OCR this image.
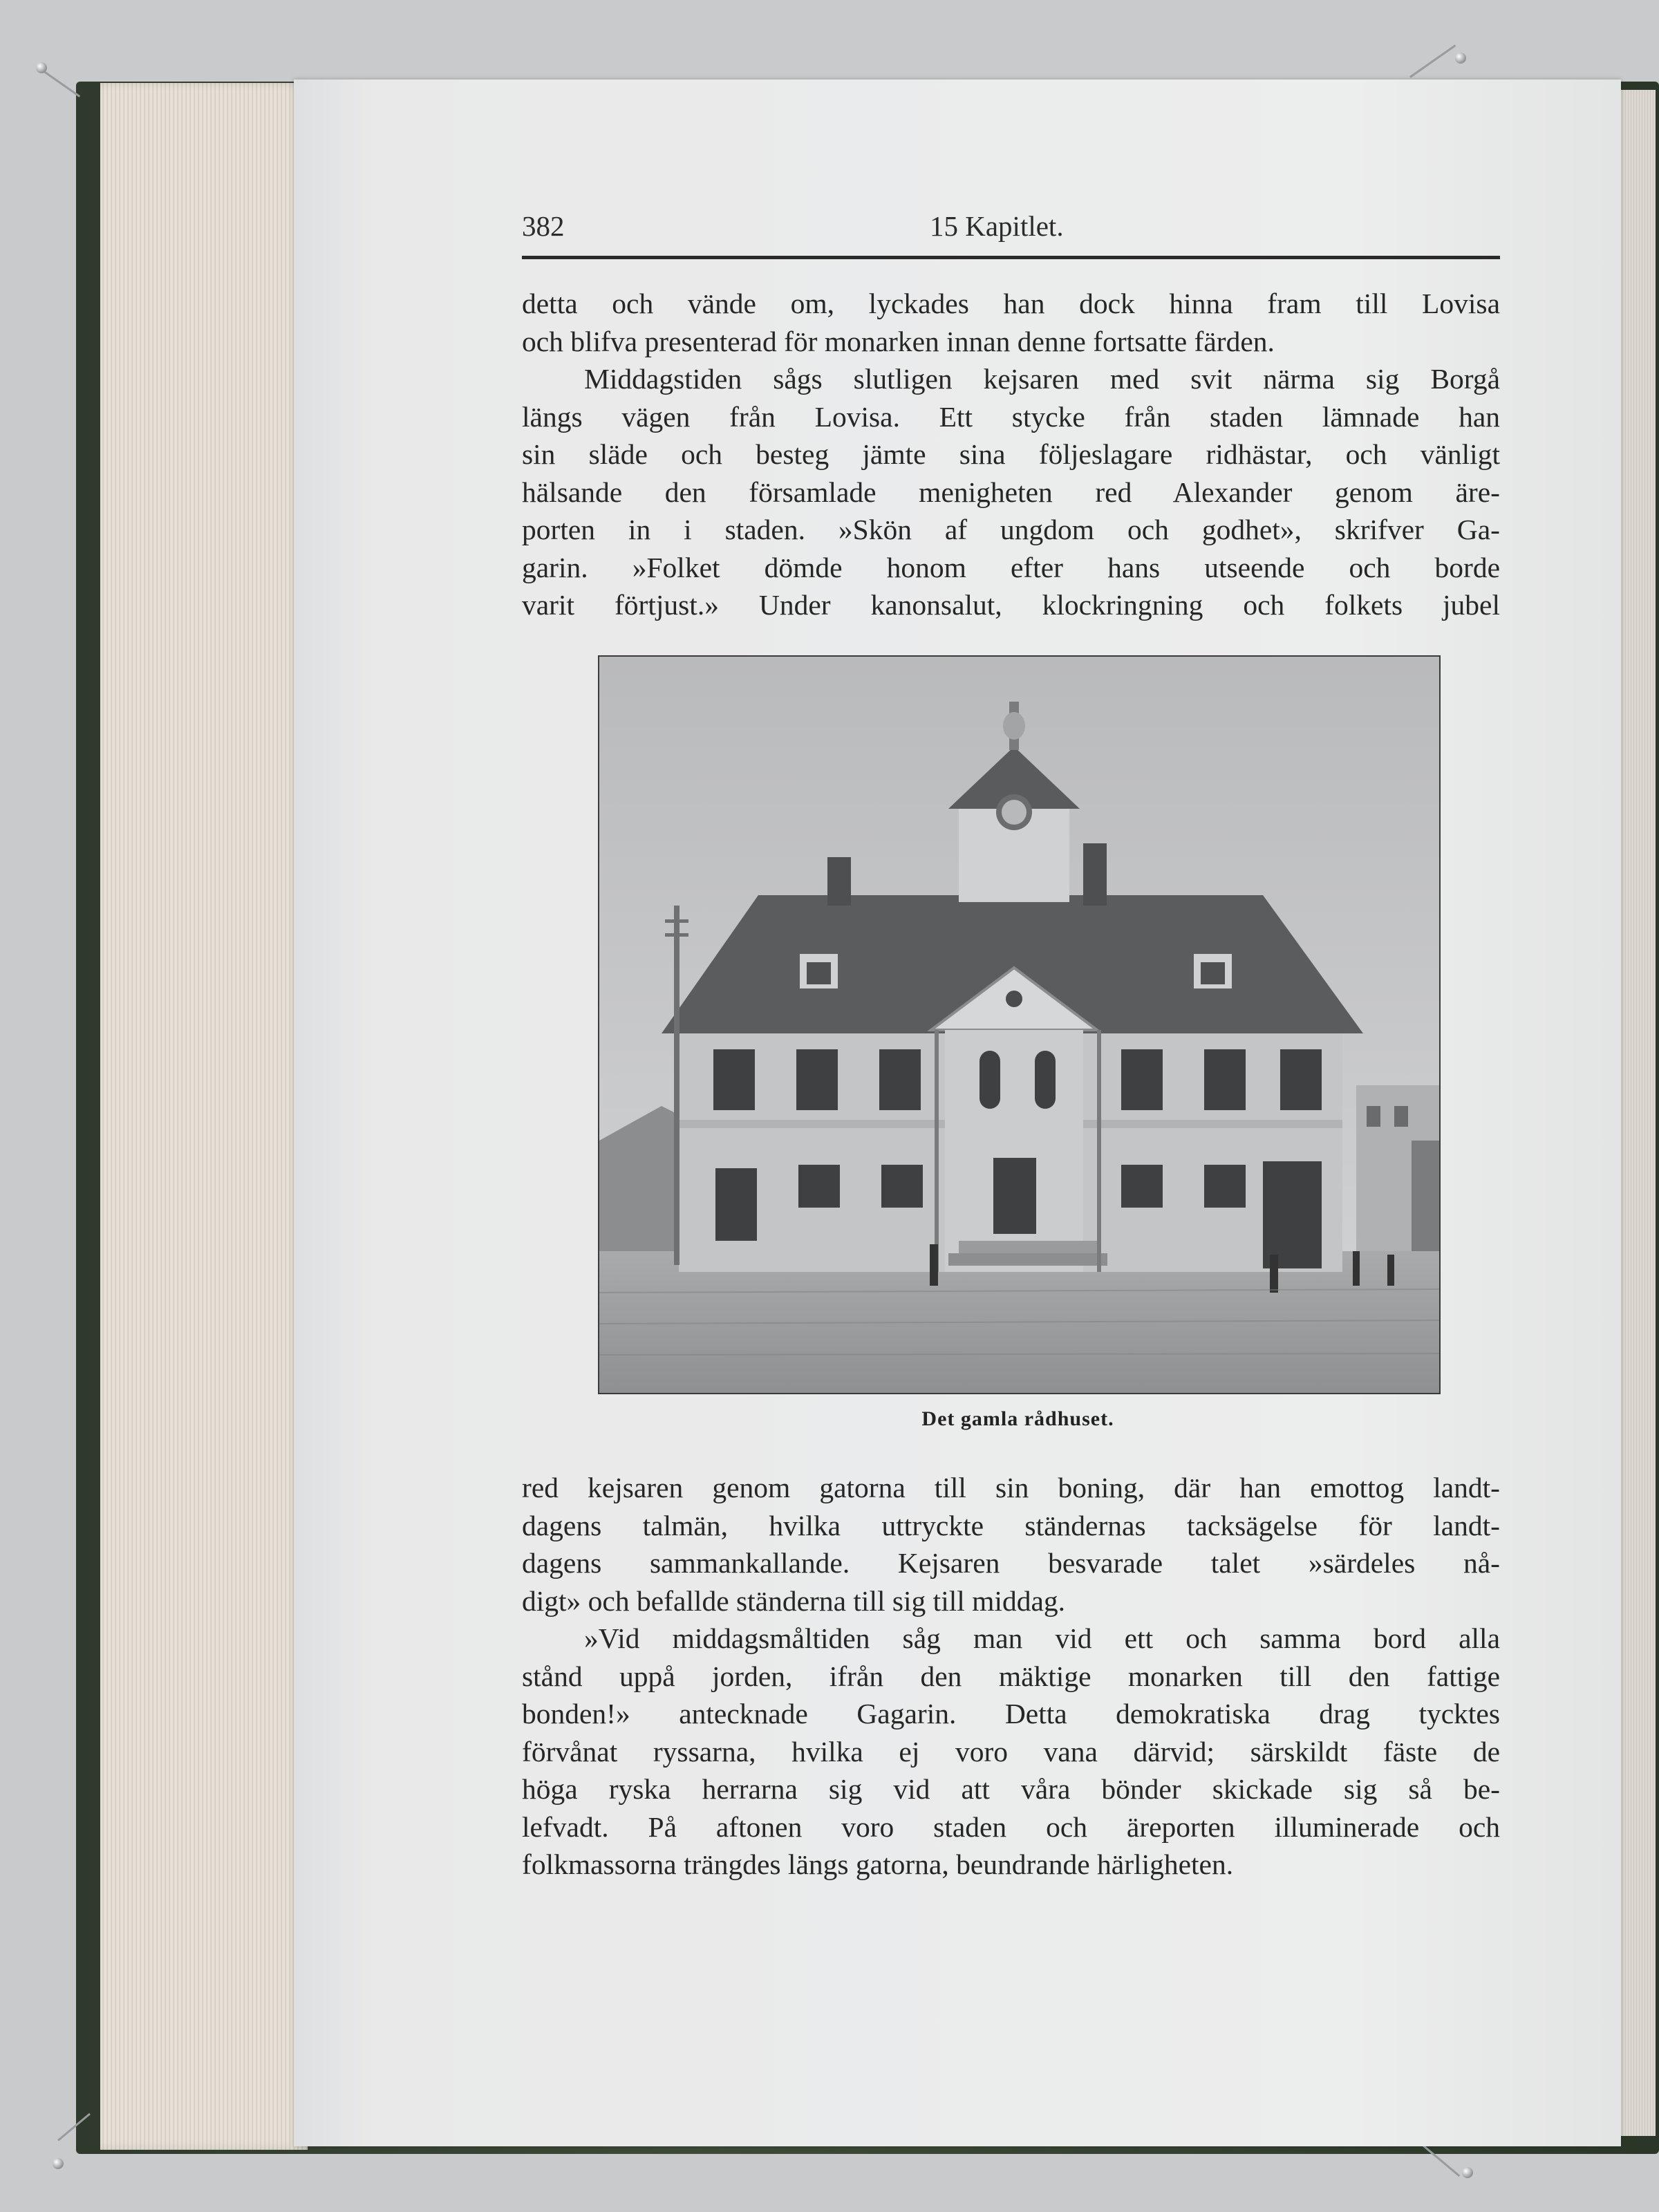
382	15 Kapitlet.
detta och vände om, lyckades han dock hinna fram till Lovisa
och blifva presenterad för monarken innan denne fortsatte färden.
Middagstiden sågs slutligen kejsaren med svit närma sig Borgå
längs vägen från Lovisa. Ett stycke från staden lämnade han
sin släde och besteg jämte sina följeslagare ridhästar, och vänligt
hälsande den församlade menigheten red Alexander genom äre-
porten in i staden. »Skön af ungdom och godhet», skrifver Ga-
garin. »Folket dömde honom efter hans utseende och borde
varit förtjust.» Under kanonsalut, klockringning och folkets jubel
Det gamla rådhuset.
red kejsaren genom gatorna till sin boning, där han emottog landt-
dagens talmän, hvilka uttryckte ständernas tacksägelse för landt-
dagens sammankallande. Kejsaren besvarade talet »särdeles nå-
digt» och befallde ständerna till sig till middag.
»Vid middagsmåltiden såg man vid ett och samma bord alla
stånd uppå jorden, ifrån den mäktige monarken till den fattige
bonden!» antecknade Gagarin. Detta demokratiska drag tycktes
förvånat ryssarna, hvilka ej voro vana därvid; särskildt fäste de
höga ryska herrarna sig vid att våra bönder skickade sig så be-
lefvadt. På aftonen voro staden och äreporten illuminerade och
folkmassorna trängdes längs gatorna, beundrande härligheten.
